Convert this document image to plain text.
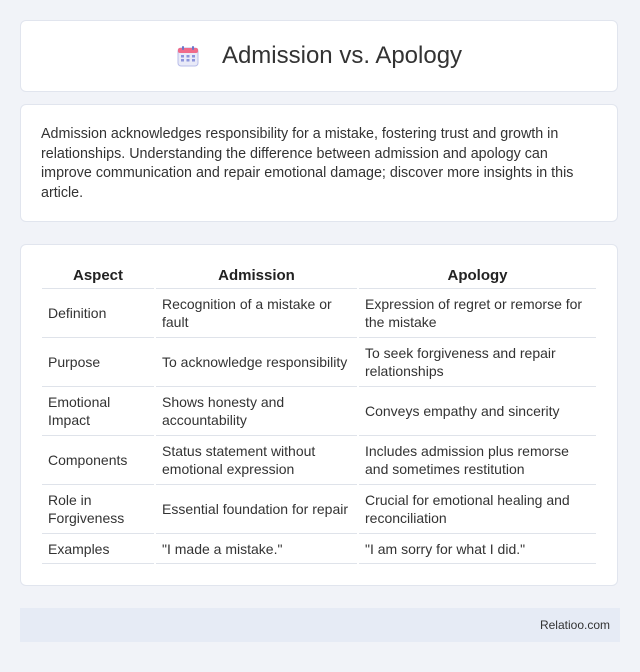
Admission vs. Apology

Admission acknowledges responsibility for a mistake, fostering trust and growth in relationships. Understanding the difference between admission and apology can improve communication and repair emotional damage; discover more insights in this article.

Aspect	Admission	Apology
Definition	Recognition of a mistake or fault	Expression of regret or remorse for the mistake
Purpose	To acknowledge responsibility	To seek forgiveness and repair relationships
Emotional Impact	Shows honesty and accountability	Conveys empathy and sincerity
Components	Status statement without emotional expression	Includes admission plus remorse and sometimes restitution
Role in Forgiveness	Essential foundation for repair	Crucial for emotional healing and reconciliation
Examples	"I made a mistake."	"I am sorry for what I did."
Relatioo.com
